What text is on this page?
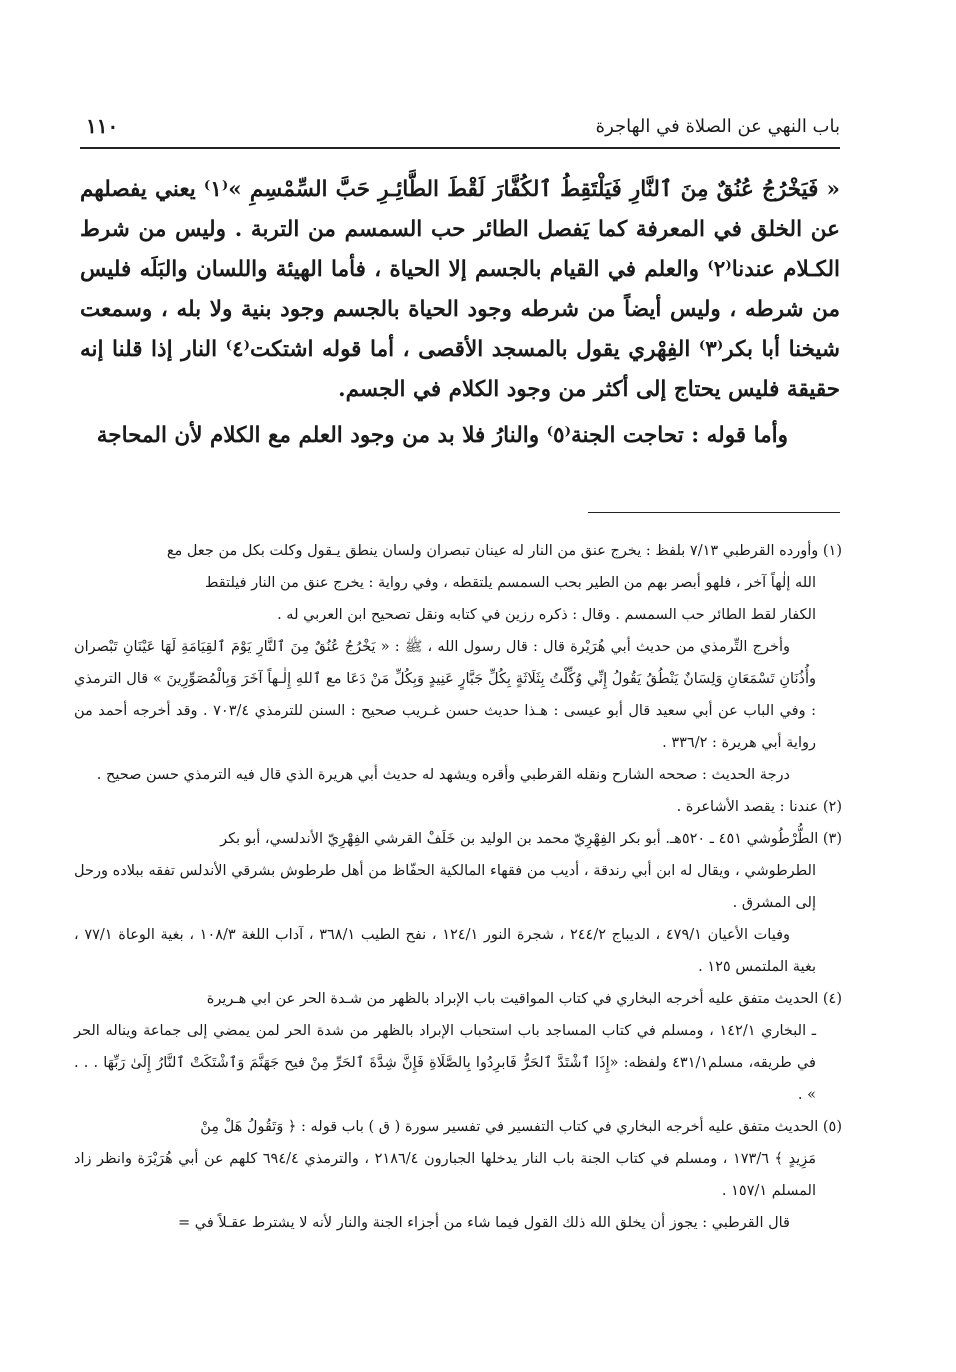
باب النهي عن الصلاة في الهاجرة
١١٠

« فَيَخْرُجُ عُنُقٌ مِنَ ٱلنَّارِ فَيَلْتَقِطُ ٱلكُفَّارَ لَقْطَ الطَّائِـرِ حَبَّ السِّمْسِمِ »⁽١⁾ يعني يفصلهم عن الخلق في المعرفة كما يَفصل الطائر حب السمسم من التربة . وليس من شرط الكـلام عندنا⁽٢⁾ والعلم في القيام بالجسم إلا الحياة ، فأما الهيئة واللسان والبَلَه فليس من شرطه ، وليس أيضاً من شرطه وجود الحياة بالجسم وجود بنية ولا بله ، وسمعت شيخنا أبا بكر⁽٣⁾ الفِهْري يقول بالمسجد الأقصى ، أما قوله اشتكت⁽٤⁾ النار إذا قلنا إنه حقيقة فليس يحتاج إلى أكثر من وجود الكلام في الجسم.

وأما قوله : تحاجت الجنة⁽٥⁾ والنارُ فلا بد من وجود العلم مع الكلام لأن المحاجة

(١) وأورده القرطبي ٧/١٣ بلفظ : يخرج عنق من النار له عينان تبصران ولسان ينطق يـقول وكلت بكل من جعل مع

الله إلٰهاً آخر ، فلهو أبصر بهم من الطير بحب السمسم يلتقطه ، وفي رواية : يخرج عنق من النار فيلتقط

الكفار لقط الطائر حب السمسم . وقال : ذكره رزين في كتابه ونقل تصحيح ابن العربي له .

وأخرج التِّرمذي من حديث أبي هُرَيْرة قال : قال رسول الله ، ﷺ : « يَخْرُجُ عُنُقٌ مِنَ ٱلنَّارِ يَوْمَ ٱلقِيَامَةِ لَهَا عَيْنَانِ تَبْصران وأُذُنَانِ تَسْمَعَانِ وَلِسَانٌ يَنْطُقُ يَقُولُ إِنِّي وُكِّلْتُ بِثَلَاثَةٍ بِكُلِّ جَبَّارٍ عَنِيدٍ وَبِكُلِّ مَنْ دَعَا مع ٱللهِ إِلٰـهاً آخَرَ وَبِالْمُصَوِّرِينَ » قال الترمذي : وفي الباب عن أبي سعيد قال أبو عيسى : هـذا حديث حسن غـريب صحيح : السنن للترمذي ٧٠٣/٤ . وقد أخرجه أحمد من رواية أبي هريرة : ٣٣٦/٢ .

درجة الحديث : صححه الشارح ونقله القرطبي وأقره ويشهد له حديث أبي هريرة الذي قال فيه الترمذي حسن صحيح .

(٢) عندنا : يقصد الأشاعرة .

(٣) الطُّرْطُوشي ٤٥١ ـ ٥٢٠هـ. أبو بكر الفِهْرِيّ محمد بن الوليد بن خَلَفْ القرشي الفِهْرِيّ الأندلسي، أبو بكر

الطرطوشي ، ويقال له ابن أبي رندقة ، أديب من فقهاء المالكية الحفّاظ من أهل طرطوش بشرقي الأندلس تفقه ببلاده ورحل إلى المشرق .

وفيات الأعيان ٤٧٩/١ ، الديباج ٢٤٤/٢ ، شجرة النور ١٢٤/١ ، نفح الطيب ٣٦٨/١ ، آداب اللغة ١٠٨/٣ ، بغية الوعاة ٧٧/١ ، بغية الملتمس ١٢٥ .

(٤) الحديث متفق عليه أخرجه البخاري في كتاب المواقيت باب الإبراد بالظهر من شـدة الحر عن ابي هـريرة

ـ البخاري ١٤٢/١ ، ومسلم في كتاب المساجد باب استحباب الإبراد بالظهر من شدة الحر لمن يمضي إلى جماعة ويناله الحر في طريقه، مسلم٤٣١/١ ولفظه: «إِذَا ٱشْتَدَّ ٱلحَرُّ فَابرِدُوا بِالصَّلَاةِ فَإِنَّ شِدَّةَ ٱلحَرِّ مِنْ فيح جَهَنَّمَ وَٱشْتَكَتْ ٱلنَّارُ إِلَىٰ رَبِّهَا . . . » .

(٥) الحديث متفق عليه أخرجه البخاري في كتاب التفسير في تفسير سورة ( ق ) باب قوله : ﴿ وَتَقُولُ هَلْ مِنْ

مَزِيدٍ ﴾ ١٧٣/٦ ، ومسلم في كتاب الجنة باب النار يدخلها الجبارون ٢١٨٦/٤ ، والترمذي ٦٩٤/٤ كلهم عن أبي هُرَيْرَة وانظر زاد المسلم ١٥٧/١ .

قال القرطبي : يجوز أن يخلق الله ذلك القول فيما شاء من أجزاء الجنة والنار لأنه لا يشترط عقـلاً في =
